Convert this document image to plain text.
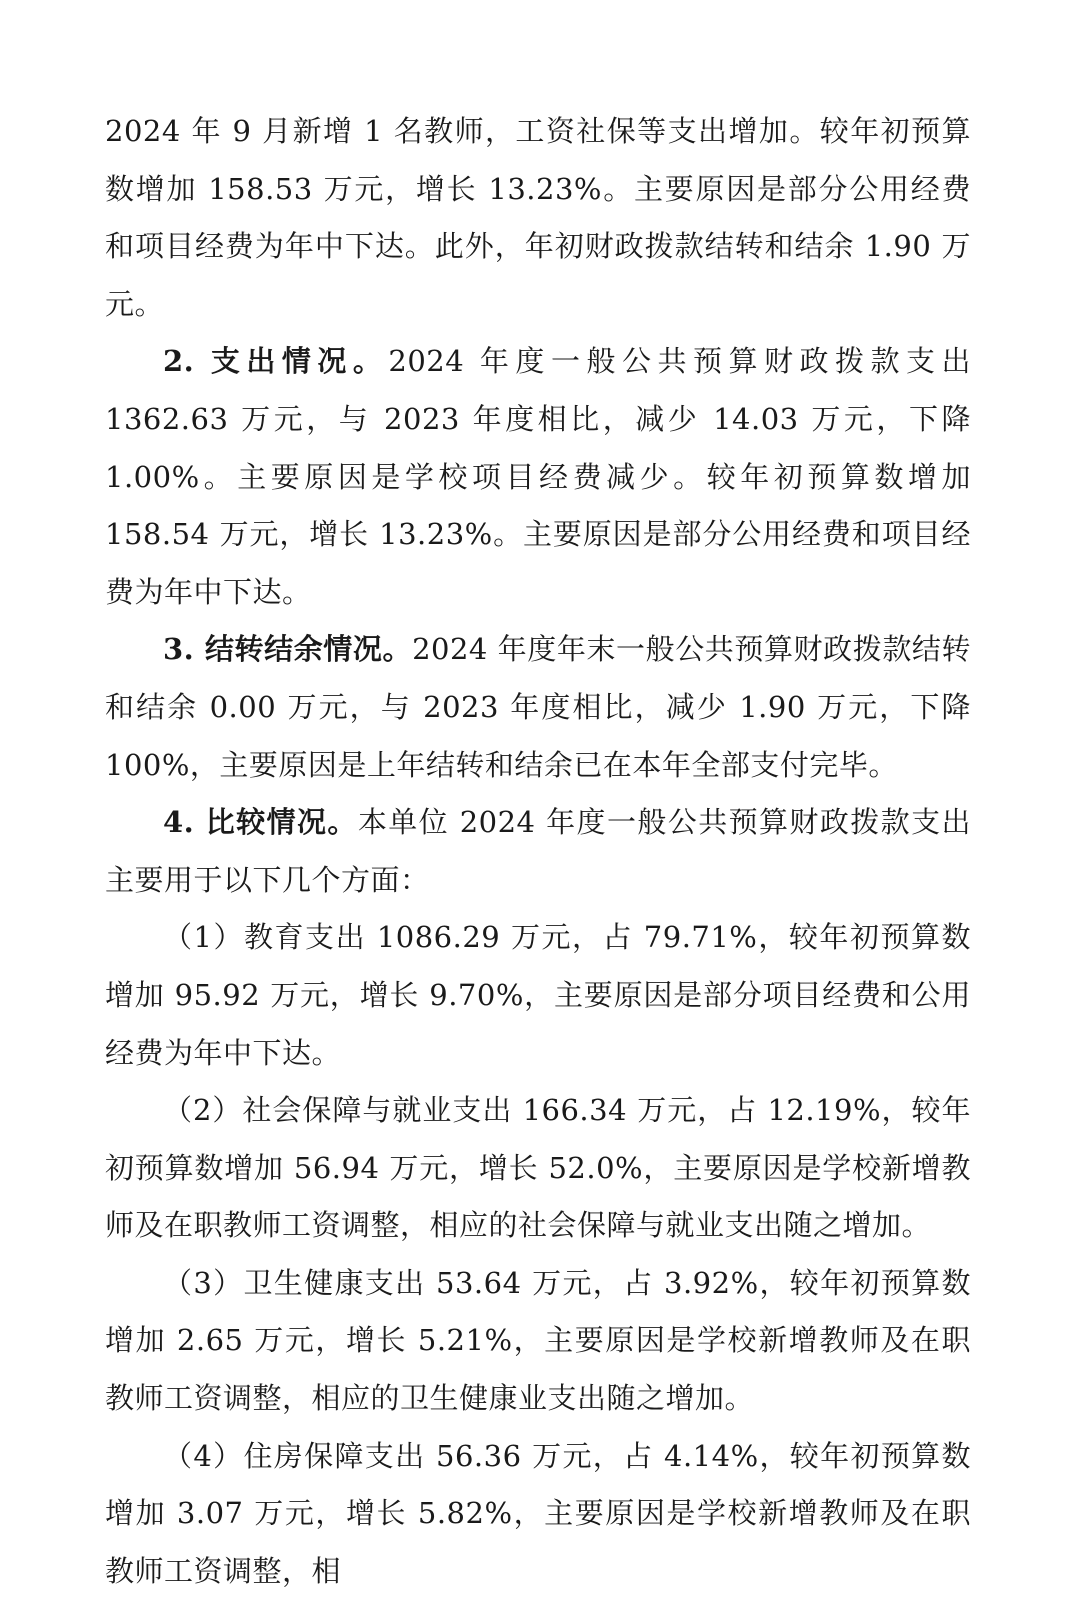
2024 年 9 月新增 1 名教师，工资社保等支出增加。较年初预算数增加 158.53 万元，增长 13.23%。主要原因是部分公用经费和项目经费为年中下达。此外，年初财政拨款结转和结余 1.90 万元。

2. 支出情况。2024 年度一般公共预算财政拨款支出 1362.63 万元，与 2023 年度相比，减少 14.03 万元，下降 1.00%。主要原因是学校项目经费减少。较年初预算数增加 158.54 万元，增长 13.23%。主要原因是部分公用经费和项目经费为年中下达。

3. 结转结余情况。2024 年度年末一般公共预算财政拨款结转和结余 0.00 万元，与 2023 年度相比，减少 1.90 万元，下降 100%，主要原因是上年结转和结余已在本年全部支付完毕。

4. 比较情况。本单位 2024 年度一般公共预算财政拨款支出主要用于以下几个方面：

（1）教育支出 1086.29 万元，占 79.71%，较年初预算数增加 95.92 万元，增长 9.70%，主要原因是部分项目经费和公用经费为年中下达。

（2）社会保障与就业支出 166.34 万元，占 12.19%，较年初预算数增加 56.94 万元，增长 52.0%，主要原因是学校新增教师及在职教师工资调整，相应的社会保障与就业支出随之增加。

（3）卫生健康支出 53.64 万元，占 3.92%，较年初预算数增加 2.65 万元，增长 5.21%，主要原因是学校新增教师及在职教师工资调整，相应的卫生健康业支出随之增加。

（4）住房保障支出 56.36 万元，占 4.14%，较年初预算数增加 3.07 万元，增长 5.82%，主要原因是学校新增教师及在职教师工资调整，相
